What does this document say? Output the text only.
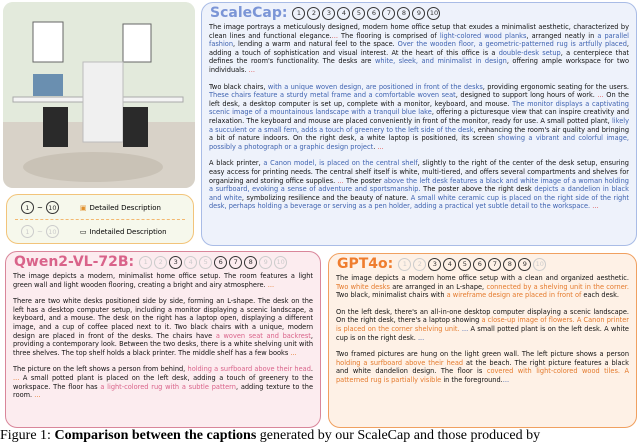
1	~ 10	▣ Detailed Description
1	~ 10	▭ Indetailed Description
ScaleCap:	1	2	3	4	5	6	7	8	9	10

The image portrays a meticulously designed, modern home office setup that exudes a minimalist aesthetic, characterized by clean lines and functional elegance.... The flooring is comprised of light-colored wood planks, arranged neatly in a parallel fashion, lending a warm and natural feel to the space. Over the wooden floor, a geometric-patterned rug is artfully placed, adding a touch of sophistication and visual interest. At the heart of this office is a double-desk setup, a centerpiece that defines the room's functionality. The desks are white, sleek, and minimalist in design, offering ample workspace for two individuals. ...

Two black chairs, with a unique woven design, are positioned in front of the desks, providing ergonomic seating for the users. These chairs feature a sturdy metal frame and a comfortable woven seat, designed to support long hours of work. ... On the left desk, a desktop computer is set up, complete with a monitor, keyboard, and mouse. The monitor displays a captivating scenic image of a mountainous landscape with a tranquil blue lake, offering a picturesque view that can inspire creativity and relaxation. The keyboard and mouse are placed conveniently in front of the monitor, ready for use. A small potted plant, likely a succulent or a small fern, adds a touch of greenery to the left side of the desk, enhancing the room's air quality and bringing a bit of nature indoors. On the right desk, a white laptop is positioned, its screen showing a vibrant and colorful image, possibly a photograph or a graphic design project. ...

A black printer, a Canon model, is placed on the central shelf, slightly to the right of the center of the desk setup, ensuring easy access for printing needs. The central shelf itself is white, multi-tiered, and offers several compartments and shelves for organizing and storing office supplies. ... The poster above the left desk features a black and white image of a woman holding a surfboard, evoking a sense of adventure and sportsmanship. The poster above the right desk depicts a dandelion in black and white, symbolizing resilience and the beauty of nature. A small white ceramic cup is placed on the right side of the right desk, perhaps holding a beverage or serving as a pen holder, adding a practical yet subtle detail to the workspace. ...

Qwen2-VL-72B:	1	2	3	4	5	6	7	8	9	10

The image depicts a modern, minimalist home office setup. The room features a light green wall and light wooden flooring, creating a bright and airy atmosphere. ...

There are two white desks positioned side by side, forming an L-shape. The desk on the left has a desktop computer setup, including a monitor displaying a scenic landscape, a keyboard, and a mouse. The desk on the right has a laptop open, displaying a different image, and a cup of coffee placed next to it. Two black chairs with a unique, modern design are placed in front of the desks. The chairs have a woven seat and backrest, providing a contemporary look. Between the two desks, there is a white shelving unit with three shelves. The top shelf holds a black printer. The middle shelf has a few books ...

The picture on the left shows a person from behind, holding a surfboard above their head. ... A small potted plant is placed on the left desk, adding a touch of greenery to the workspace. The floor has a light-colored rug with a subtle pattern, adding texture to the room. ...

GPT4o:	1	2	3	4	5	6	7	8	9	10

The image depicts a modern home office setup with a clean and organized aesthetic. Two white desks are arranged in an L-shape, connected by a shelving unit in the corner. Two black, minimalist chairs with a wireframe design are placed in front of each desk.

On the left desk, there's an all-in-one desktop computer displaying a scenic landscape. On the right desk, there's a laptop showing a close-up image of flowers. A Canon printer is placed on the corner shelving unit. ... A small potted plant is on the left desk. A white cup is on the right desk. ...

Two framed pictures are hung on the light green wall. The left picture shows a person holding a surfboard above their head at the beach. The right picture features a black and white dandelion design. The floor is covered with light-colored wood tiles. A patterned rug is partially visible in the foreground....

Figure 1: Comparison between the captions generated by our ScaleCap and those produced by
